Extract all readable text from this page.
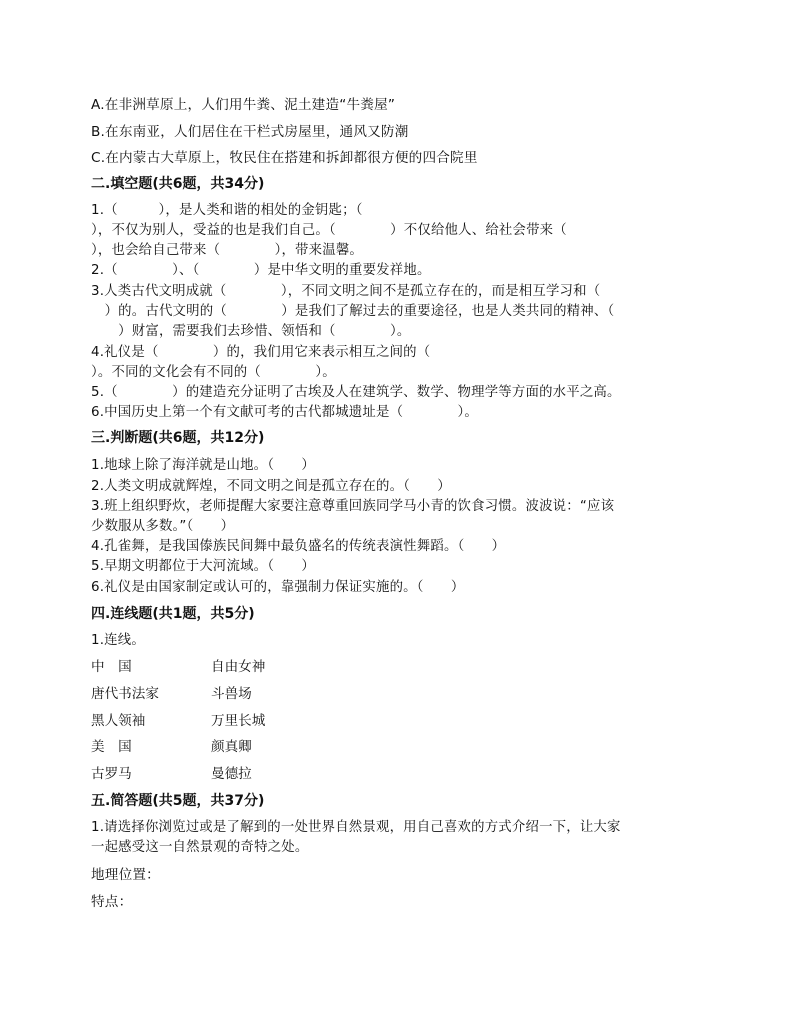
A.在非洲草原上，人们用牛粪、泥土建造“牛粪屋”
B.在东南亚，人们居住在干栏式房屋里，通风又防潮
C.在内蒙古大草原上，牧民住在搭建和拆卸都很方便的四合院里
二.填空题(共6题，共34分)
1.（　　　），是人类和谐的相处的金钥匙；（
），不仅为别人，受益的也是我们自己。（　　　　）不仅给他人、给社会带来（
），也会给自己带来（　　　　），带来温馨。
2.（　　　　）、（　　　　）是中华文明的重要发祥地。
3.人类古代文明成就（　　　　），不同文明之间不是孤立存在的，而是相互学习和（
　）的。古代文明的（　　　　）是我们了解过去的重要途径，也是人类共同的精神、（
　　）财富，需要我们去珍惜、领悟和（　　　　）。
4.礼仪是（　　　　）的，我们用它来表示相互之间的（
）。不同的文化会有不同的（　　　　）。
5.（　　　　）的建造充分证明了古埃及人在建筑学、数学、物理学等方面的水平之高。
6.中国历史上第一个有文献可考的古代都城遗址是（　　　　）。
三.判断题(共6题，共12分)
1.地球上除了海洋就是山地。（　　）
2.人类文明成就辉煌，不同文明之间是孤立存在的。（　　）
3.班上组织野炊，老师提醒大家要注意尊重回族同学马小青的饮食习惯。波波说：“应该
少数服从多数。”（　　）
4.孔雀舞，是我国傣族民间舞中最负盛名的传统表演性舞蹈。（　　）
5.早期文明都位于大河流域。（　　）
6.礼仪是由国家制定或认可的，靠强制力保证实施的。（　　）
四.连线题(共1题，共5分)
1.连线。
中　国	自由女神
唐代书法家	斗兽场
黑人领袖	万里长城
美　国	颜真卿
古罗马	曼德拉
五.简答题(共5题，共37分)
1.请选择你浏览过或是了解到的一处世界自然景观，用自己喜欢的方式介绍一下，让大家
一起感受这一自然景观的奇特之处。
地理位置：
特点：
